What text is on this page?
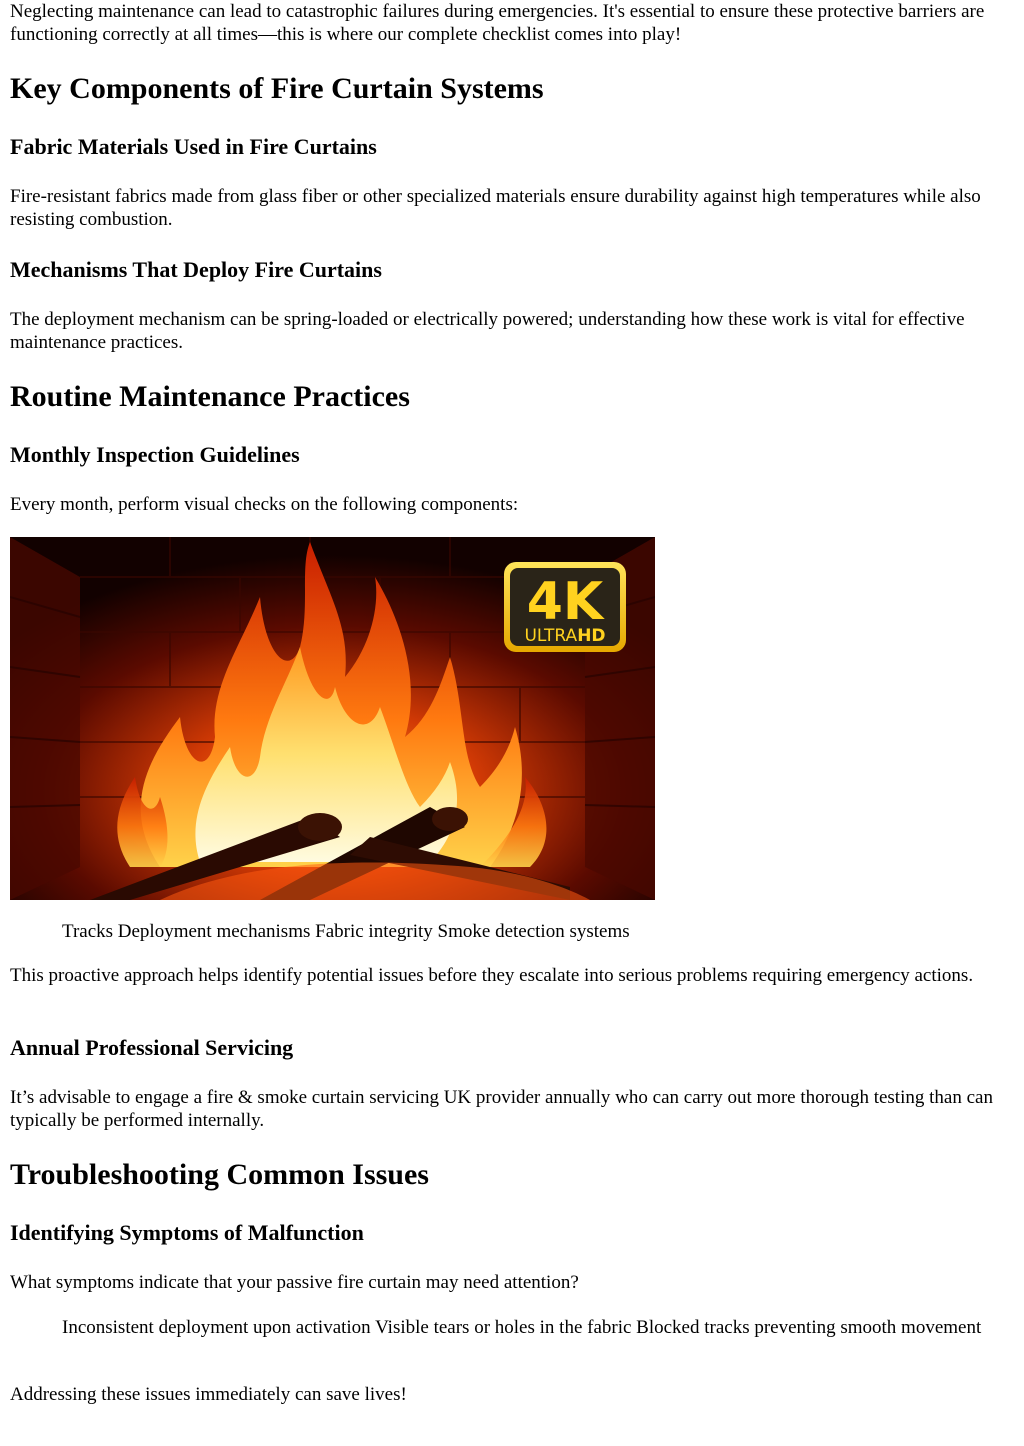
Neglecting maintenance can lead to catastrophic failures during emergencies. It's essential to ensure these protective barriers are functioning correctly at all times—this is where our complete checklist comes into play!

Key Components of Fire Curtain Systems
Fabric Materials Used in Fire Curtains

Fire-resistant fabrics made from glass fiber or other specialized materials ensure durability against high temperatures while also resisting combustion.

Mechanisms That Deploy Fire Curtains

The deployment mechanism can be spring-loaded or electrically powered; understanding how these work is vital for effective maintenance practices.

Routine Maintenance Practices
Monthly Inspection Guidelines

Every month, perform visual checks on the following components:

4K
ULTRAHD

Tracks Deployment mechanisms Fabric integrity Smoke detection systems

This proactive approach helps identify potential issues before they escalate into serious problems requiring emergency actions.

Annual Professional Servicing

It’s advisable to engage a fire & smoke curtain servicing UK provider annually who can carry out more thorough testing than can typically be performed internally.

Troubleshooting Common Issues
Identifying Symptoms of Malfunction

What symptoms indicate that your passive fire curtain may need attention?

Inconsistent deployment upon activation Visible tears or holes in the fabric Blocked tracks preventing smooth movement

Addressing these issues immediately can save lives!
